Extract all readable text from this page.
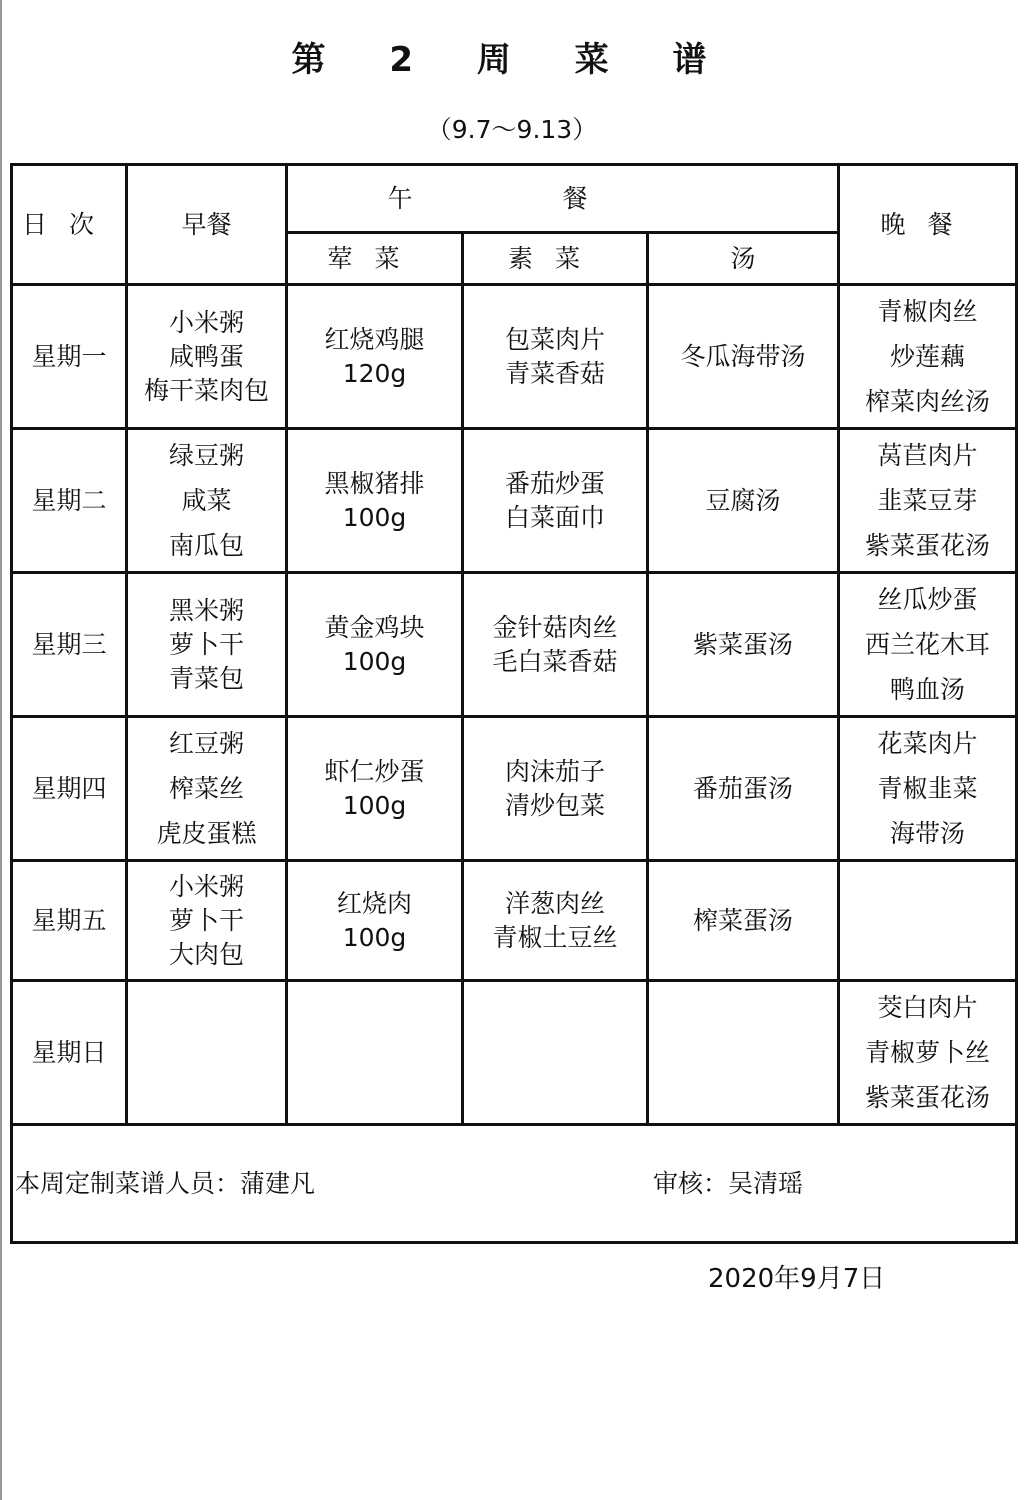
第 2 周 菜 谱
（9.7～9.13）
日次	早餐	午餐			晚餐
		荤菜	素菜	汤	
星期一	小米粥
咸鸭蛋
梅干菜肉包	红烧鸡腿
120g	包菜肉片
青菜香菇	冬瓜海带汤	青椒肉丝
炒莲藕
榨菜肉丝汤

星期二	绿豆粥
咸菜
南瓜包	黑椒猪排
100g	番茄炒蛋
白菜面巾	豆腐汤	莴苣肉片
韭菜豆芽
紫菜蛋花汤

星期三	黑米粥
萝卜干
青菜包	黄金鸡块
100g	金针菇肉丝
毛白菜香菇	紫菜蛋汤	丝瓜炒蛋
西兰花木耳
鸭血汤

星期四	红豆粥
榨菜丝
虎皮蛋糕	虾仁炒蛋
100g	肉沫茄子
清炒包菜	番茄蛋汤	花菜肉片
青椒韭菜
海带汤

星期五	小米粥
萝卜干
大肉包	红烧肉
100g	洋葱肉丝
青椒土豆丝	榨菜蛋汤	
星期日					茭白肉片
青椒萝卜丝
紫菜蛋花汤

本周定制菜谱人员：蒲建凡 审核：吴清瑶					
2020年9月7日
